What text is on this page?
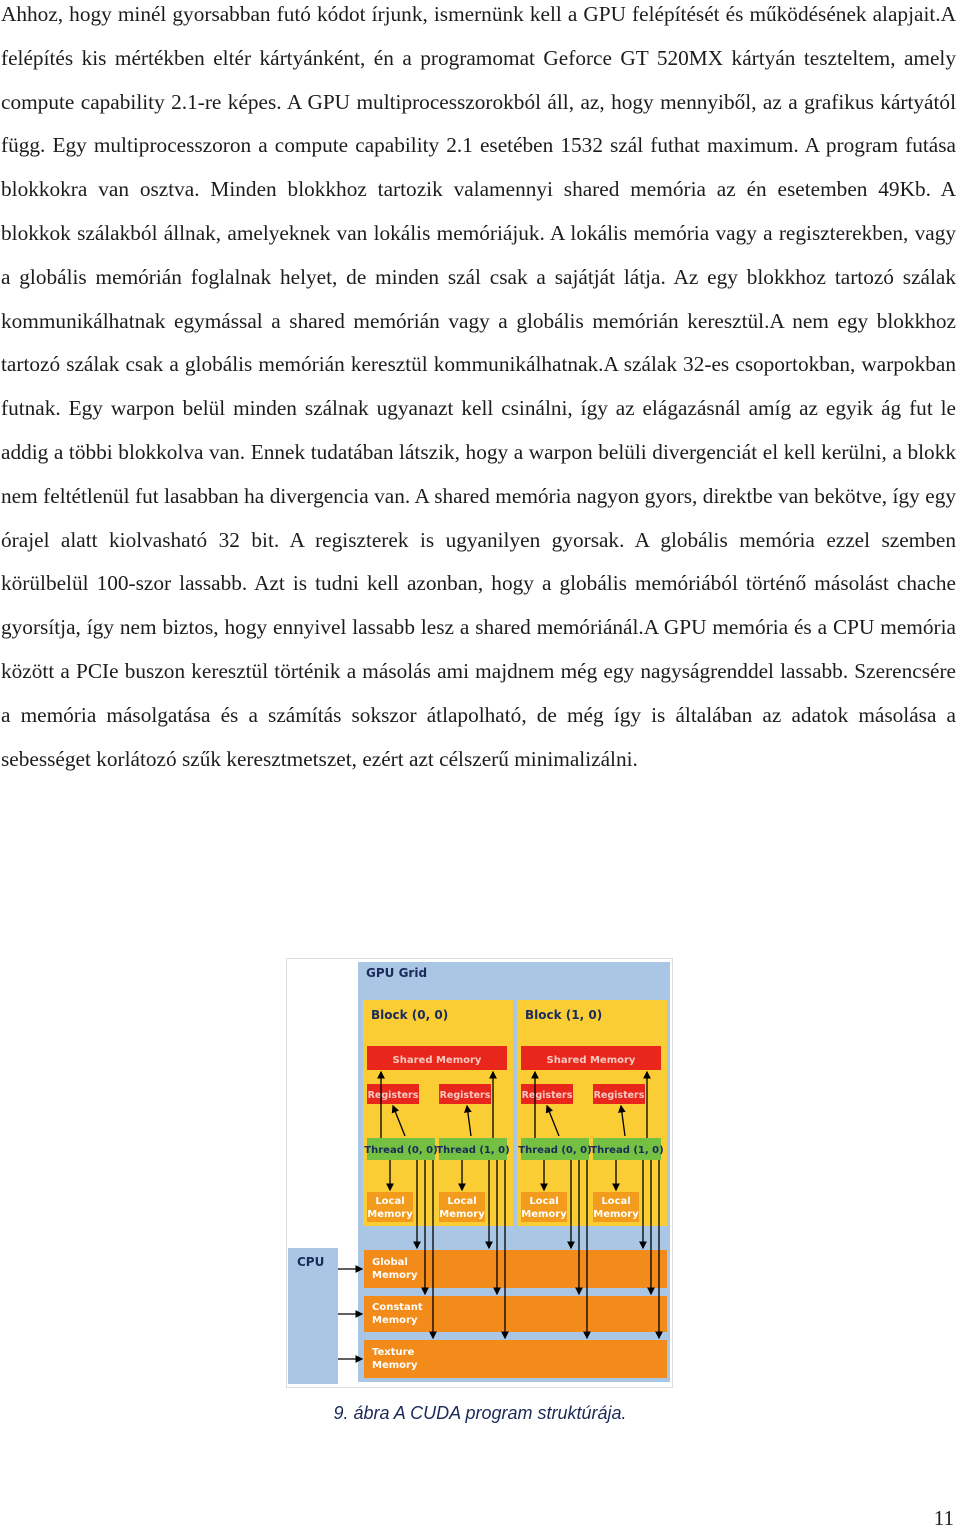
Ahhoz, hogy minél gyorsabban futó kódot írjunk, ismernünk kell a GPU felépítését és működésének alapjait.A felépítés kis mértékben eltér kártyánként, én a programomat Geforce GT 520MX kártyán teszteltem, amely compute capability 2.1-re képes. A GPU multiprocesszorokból áll, az, hogy mennyiből, az a grafikus kártyától függ. Egy multiprocesszoron a compute capability 2.1 esetében 1532 szál futhat maximum. A program futása blokkokra van osztva. Minden blokkhoz tartozik valamennyi shared memória az én esetemben 49Kb. A blokkok szálakból állnak, amelyeknek van lokális memóriájuk. A lokális memória vagy a regiszterekben, vagy a globális memórián foglalnak helyet, de minden szál csak a sajátját látja. Az egy blokkhoz tartozó szálak kommunikálhatnak egymással a shared memórián vagy a globális memórián keresztül.A nem egy blokkhoz tartozó szálak csak a globális memórián keresztül kommunikálhatnak.A szálak 32-es csoportokban, warpokban futnak. Egy warpon belül minden szálnak ugyanazt kell csinálni, így az elágazásnál amíg az egyik ág fut le addig a többi blokkolva van. Ennek tudatában látszik, hogy a warpon belüli divergenciát el kell kerülni, a blokk nem feltétlenül fut lasabban ha divergencia van. A shared memória nagyon gyors, direktbe van bekötve, így egy órajel alatt kiolvasható 32 bit. A regiszterek is ugyanilyen gyorsak. A globális memória ezzel szemben körülbelül 100-szor lassabb. Azt is tudni kell azonban, hogy a globális memóriából történő másolást chache gyorsítja, így nem biztos, hogy ennyivel lassabb lesz a shared memóriánál.A GPU memória és a CPU memória között a PCIe buszon keresztül történik a másolás ami majdnem még egy nagyságrenddel lassabb. Szerencsére a memória másolgatása és a számítás sokszor átlapolható, de még így is általában az adatok másolása a sebességet korlátozó szűk keresztmetszet, ezért azt célszerű minimalizálni.

GPU Grid
CPU
Block (0, 0)
Shared Memory
Registers Registers
Thread (0, 0)
Thread (1, 0)
Local
Memory
Local
Memory
Block (1, 0)
Shared Memory
Registers Registers
Thread (0, 0)
Thread (1, 0)
Local
Memory
Local
Memory
Global
Memory
Constant
Memory
Texture
Memory
9. ábra A CUDA program struktúrája.
11
